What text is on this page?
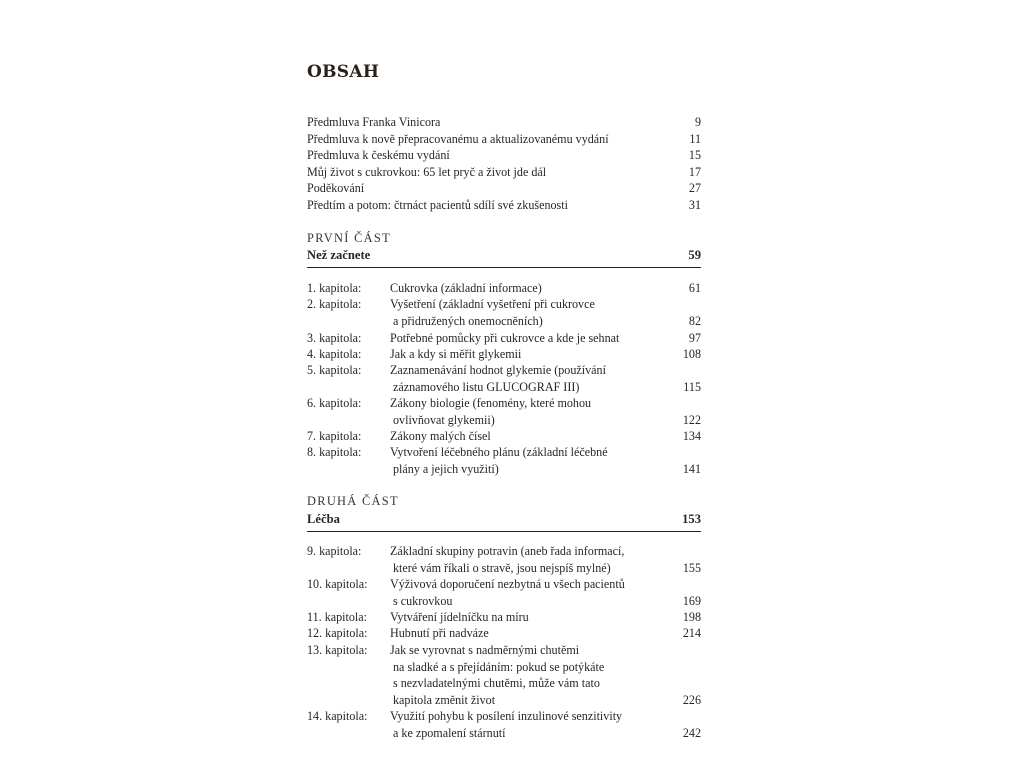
OBSAH
Předmluva Franka Vinicora	9
Předmluva k nově přepracovanému a aktualizovanému vydání	11
Předmluva k českému vydání	15
Můj život s cukrovkou: 65 let pryč a život jde dál	17
Poděkování	27
Předtím a potom: čtrnáct pacientů sdílí své zkušenosti	31
PRVNÍ ČÁST
Než začnete	59
1. kapitola: Cukrovka (základní informace)	61
2. kapitola: Vyšetření (základní vyšetření při cukrovce
a přidružených onemocněních)	82
3. kapitola: Potřebné pomůcky při cukrovce a kde je sehnat	97
4. kapitola: Jak a kdy si měřit glykemii	108
5. kapitola: Zaznamenávání hodnot glykemie (používání
záznamového listu GLUCOGRAF III)	115
6. kapitola: Zákony biologie (fenomény, které mohou
ovlivňovat glykemii)	122
7. kapitola: Zákony malých čísel	134
8. kapitola: Vytvoření léčebného plánu (základní léčebné
plány a jejich využití)	141
DRUHÁ ČÁST
Léčba	153
9. kapitola: Základní skupiny potravin (aneb řada informací,
které vám říkali o stravě, jsou nejspíš mylné)	155
10. kapitola: Výživová doporučení nezbytná u všech pacientů
s cukrovkou	169
11. kapitola: Vytváření jídelníčku na míru	198
12. kapitola: Hubnutí při nadváze	214
13. kapitola: Jak se vyrovnat s nadměrnými chutěmi
na sladké a s přejídáním: pokud se potýkáte
s nezvladatelnými chutěmi, může vám tato
kapitola změnit život	226
14. kapitola: Využití pohybu k posílení inzulinové senzitivity
a ke zpomalení stárnutí	242
